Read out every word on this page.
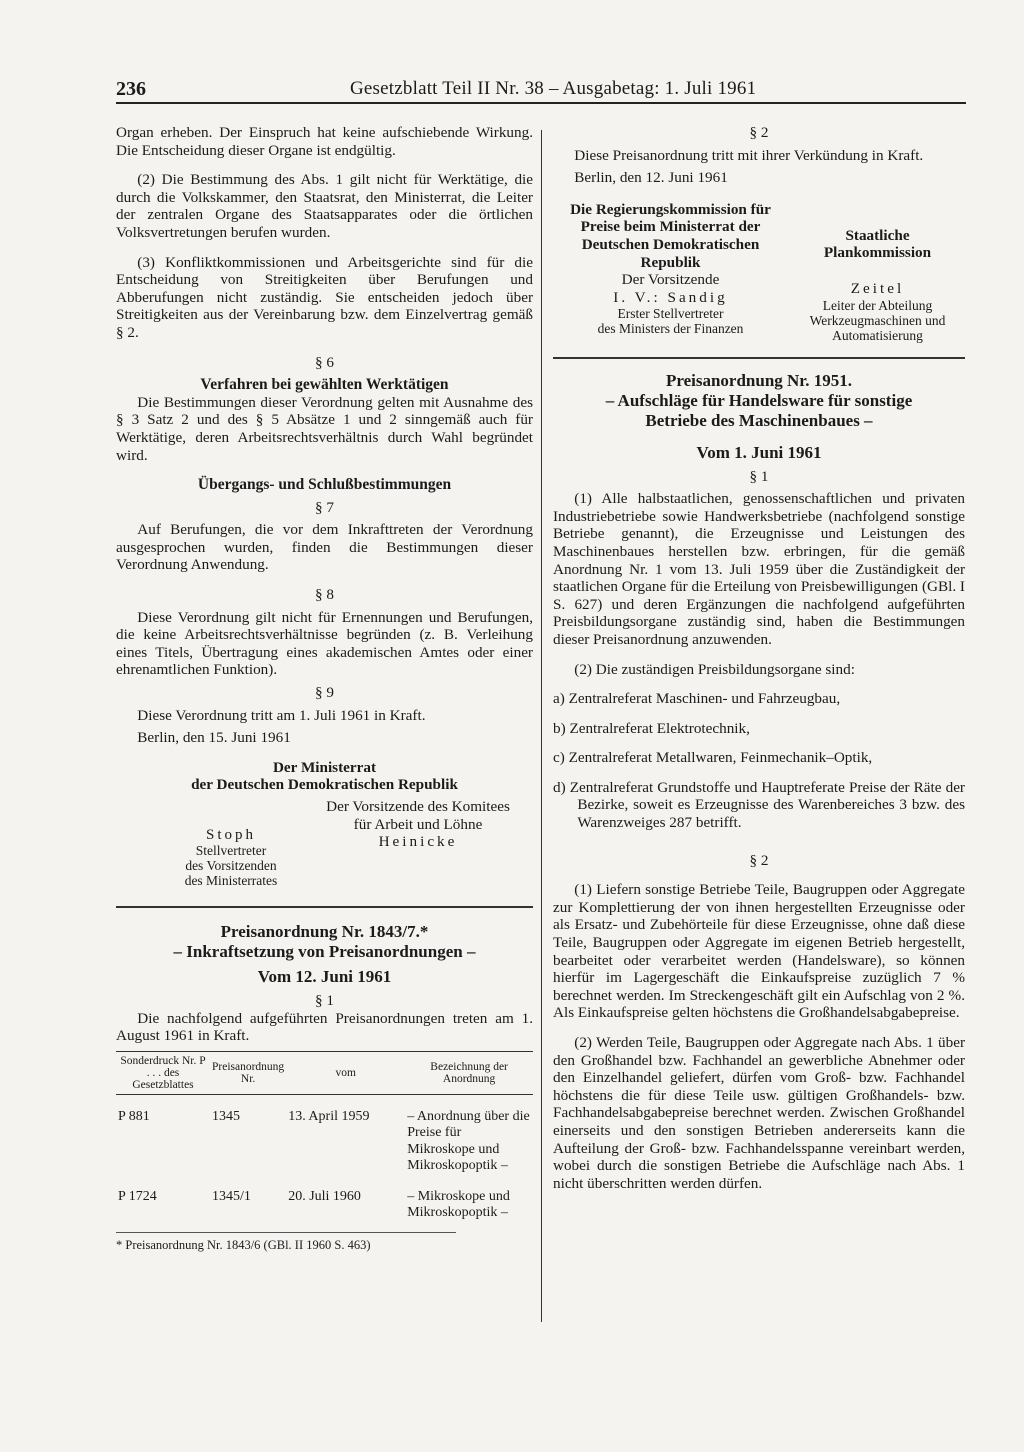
236	Gesetzblatt Teil II Nr. 38 – Ausgabetag: 1. Juli 1961

Organ erheben. Der Einspruch hat keine aufschiebende Wirkung. Die Entscheidung dieser Organe ist endgültig.

(2) Die Bestimmung des Abs. 1 gilt nicht für Werktätige, die durch die Volkskammer, den Staatsrat, den Ministerrat, die Leiter der zentralen Organe des Staatsapparates oder die örtlichen Volksvertretungen berufen wurden.

(3) Konfliktkommissionen und Arbeitsgerichte sind für die Entscheidung von Streitigkeiten über Berufungen und Abberufungen nicht zuständig. Sie entscheiden jedoch über Streitigkeiten aus der Vereinbarung bzw. dem Einzelvertrag gemäß § 2.

§ 6

Verfahren bei gewählten Werktätigen

Die Bestimmungen dieser Verordnung gelten mit Ausnahme des § 3 Satz 2 und des § 5 Absätze 1 und 2 sinngemäß auch für Werktätige, deren Arbeitsrechtsverhältnis durch Wahl begründet wird.

Übergangs- und Schlußbestimmungen

§ 7

Auf Berufungen, die vor dem Inkrafttreten der Verordnung ausgesprochen wurden, finden die Bestimmungen dieser Verordnung Anwendung.

§ 8

Diese Verordnung gilt nicht für Ernennungen und Berufungen, die keine Arbeitsrechtsverhältnisse begründen (z. B. Verleihung eines Titels, Übertragung eines akademischen Amtes oder einer ehrenamtlichen Funktion).

§ 9

Diese Verordnung tritt am 1. Juli 1961 in Kraft.

Berlin, den 15. Juni 1961

Der Ministerrat

der Deutschen Demokratischen Republik

Der Vorsitzende des Komitees
für Arbeit und Löhne
Heinicke
Stoph
Stellvertreter
des Vorsitzenden
des Ministerrates

Preisanordnung Nr. 1843/7.*

– Inkraftsetzung von Preisanordnungen –

Vom 12. Juni 1961

§ 1

Die nachfolgend aufgeführten Preisanordnungen treten am 1. August 1961 in Kraft.

Sonderdruck Nr. P . . . des Gesetzblattes	Preisanordnung Nr.	vom	Bezeichnung der Anordnung
P 881	1345	13. April 1959	– Anordnung über die Preise für Mikroskope und Mikroskopoptik –
P 1724	1345/1	20. Juli 1960	– Mikroskope und Mikroskopoptik –
* Preisanordnung Nr. 1843/6 (GBl. II 1960 S. 463)

§ 2

Diese Preisanordnung tritt mit ihrer Verkündung in Kraft.

Berlin, den 12. Juni 1961

Die Regierungskommission für
Preise beim Ministerrat der
Deutschen Demokratischen
Republik
Der Vorsitzende
I. V.: Sandig
Erster Stellvertreter
des Ministers der Finanzen
Staatliche
Plankommission
Zeitel
Leiter der Abteilung
Werkzeugmaschinen und
Automatisierung

Preisanordnung Nr. 1951.

– Aufschläge für Handelsware für sonstige

Betriebe des Maschinenbaues –

Vom 1. Juni 1961

§ 1

(1) Alle halbstaatlichen, genossenschaftlichen und privaten Industriebetriebe sowie Handwerksbetriebe (nachfolgend sonstige Betriebe genannt), die Erzeugnisse und Leistungen des Maschinenbaues herstellen bzw. erbringen, für die gemäß Anordnung Nr. 1 vom 13. Juli 1959 über die Zuständigkeit der staatlichen Organe für die Erteilung von Preisbewilligungen (GBl. I S. 627) und deren Ergänzungen die nachfolgend aufgeführten Preisbildungsorgane zuständig sind, haben die Bestimmungen dieser Preisanordnung anzuwenden.

(2) Die zuständigen Preisbildungsorgane sind:

a) Zentralreferat Maschinen- und Fahrzeugbau,

b) Zentralreferat Elektrotechnik,

c) Zentralreferat Metallwaren, Feinmechanik–Optik,

d) Zentralreferat Grundstoffe und Hauptreferate Preise der Räte der Bezirke, soweit es Erzeugnisse des Warenbereiches 3 bzw. des Warenzweiges 287 betrifft.

§ 2

(1) Liefern sonstige Betriebe Teile, Baugruppen oder Aggregate zur Komplettierung der von ihnen hergestellten Erzeugnisse oder als Ersatz- und Zubehörteile für diese Erzeugnisse, ohne daß diese Teile, Baugruppen oder Aggregate im eigenen Betrieb hergestellt, bearbeitet oder verarbeitet werden (Handelsware), so können hierfür im Lagergeschäft die Einkaufspreise zuzüglich 7 % berechnet werden. Im Streckengeschäft gilt ein Aufschlag von 2 %. Als Einkaufspreise gelten höchstens die Großhandelsabgabepreise.

(2) Werden Teile, Baugruppen oder Aggregate nach Abs. 1 über den Großhandel bzw. Fachhandel an gewerbliche Abnehmer oder den Einzelhandel geliefert, dürfen vom Groß- bzw. Fachhandel höchstens die für diese Teile usw. gültigen Großhandels- bzw. Fachhandelsabgabepreise berechnet werden. Zwischen Großhandel einerseits und den sonstigen Betrieben andererseits kann die Aufteilung der Groß- bzw. Fachhandelsspanne vereinbart werden, wobei durch die sonstigen Betriebe die Aufschläge nach Abs. 1 nicht überschritten werden dürfen.
